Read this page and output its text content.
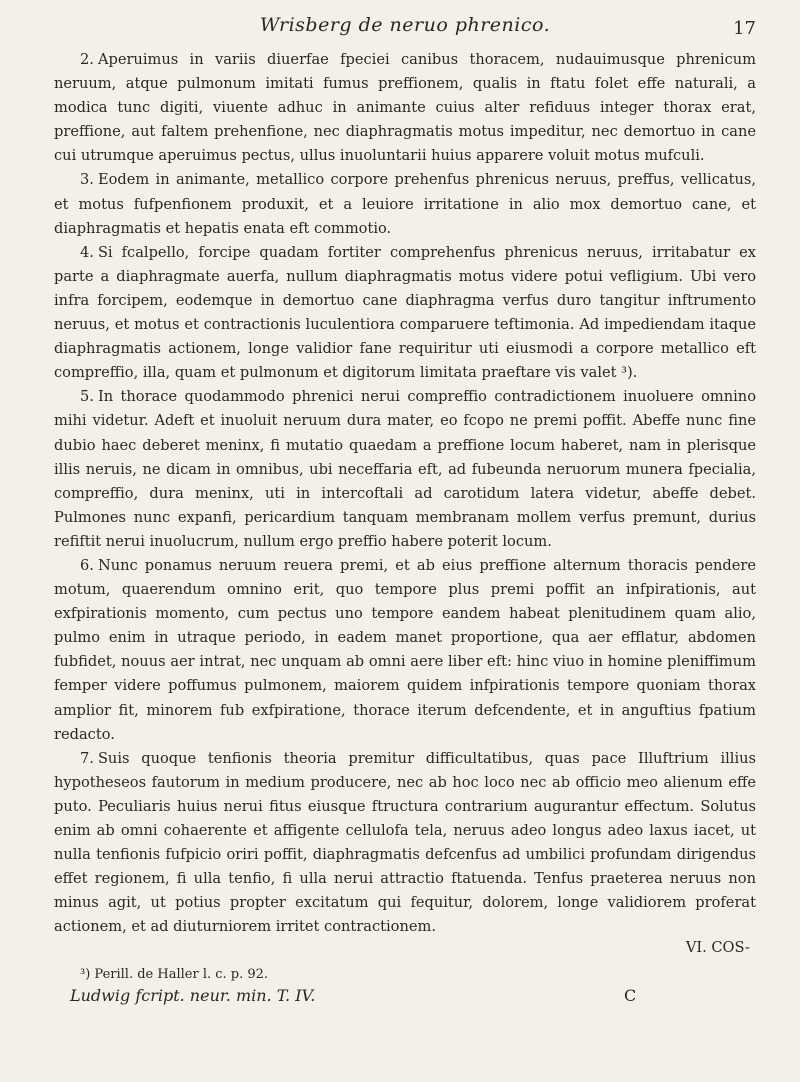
Wrisberg de neruo phrenico.	17

2. Aperuimus in variis diuerfae fpeciei canibus thoracem, nudauimusque phrenicum neruum, atque pulmonum imitati fumus preffionem, qualis in ftatu folet effe naturali, a modica tunc digiti, viuente adhuc in animante cuius alter refiduus integer thorax erat, preffione, aut faltem prehenfione, nec diaphragmatis motus impeditur, nec demortuo in cane cui utrumque aperuimus pectus, ullus inuoluntarii huius apparere voluit motus mufculi.

3. Eodem in animante, metallico corpore prehenfus phrenicus neruus, preffus, vellicatus, et motus fufpenfionem produxit, et a leuiore irritatione in alio mox demortuo cane, et diaphragmatis et hepatis enata eft commotio.

4. Si fcalpello, forcipe quadam fortiter comprehenfus phrenicus neruus, irritabatur ex parte a diaphragmate auerfa, nullum diaphragmatis motus videre potui vefligium. Ubi vero infra forcipem, eodemque in demortuo cane diaphragma verfus duro tangitur inftrumento neruus, et motus et contractionis luculentiora comparuere teftimonia. Ad impediendam itaque diaphragmatis actionem, longe validior fane requiritur uti eiusmodi a corpore metallico eft compreffio, illa, quam et pulmonum et digitorum limitata praeftare vis valet ³).

5. In thorace quodammodo phrenici nerui compreffio contradictionem inuoluere omnino mihi videtur. Adeft et inuoluit neruum dura mater, eo fcopo ne premi poffit. Abeffe nunc fine dubio haec deberet meninx, fi mutatio quaedam a preffione locum haberet, nam in plerisque illis neruis, ne dicam in omnibus, ubi neceffaria eft, ad fubeunda neruorum munera fpecialia, compreffio, dura meninx, uti in intercoftali ad carotidum latera videtur, abeffe debet. Pulmones nunc expanfi, pericardium tanquam membranam mollem verfus premunt, durius refiftit nerui inuolucrum, nullum ergo preffio habere poterit locum.

6. Nunc ponamus neruum reuera premi, et ab eius preffione alternum thoracis pendere motum, quaerendum omnino erit, quo tempore plus premi poffit an infpirationis, aut exfpirationis momento, cum pectus uno tempore eandem habeat plenitudinem quam alio, pulmo enim in utraque periodo, in eadem manet proportione, qua aer efflatur, abdomen fubfidet, nouus aer intrat, nec unquam ab omni aere liber eft: hinc viuo in homine pleniffimum femper videre poffumus pulmonem, maiorem quidem infpirationis tempore quoniam thorax amplior fit, minorem fub exfpiratione, thorace iterum defcendente, et in anguftius fpatium redacto.

7. Suis quoque tenfionis theoria premitur difficultatibus, quas pace Illuftrium illius hypotheseos fautorum in medium producere, nec ab hoc loco nec ab officio meo alienum effe puto. Peculiaris huius nerui fitus eiusque ftructura contrarium augurantur effectum. Solutus enim ab omni cohaerente et affigente cellulofa tela, neruus adeo longus adeo laxus iacet, ut nulla tenfionis fufpicio oriri poffit, diaphragmatis defcenfus ad umbilici profundam dirigendus effet regionem, fi ulla tenfio, fi ulla nerui attractio ftatuenda. Tenfus praeterea neruus non minus agit, ut potius propter excitatum qui fequitur, dolorem, longe validiorem proferat actionem, et ad diuturniorem irritet contractionem.

VI. COS-
³) Perill. de Haller l. c. p. 92.
Ludwig fcript. neur. min. T. IV.	C
